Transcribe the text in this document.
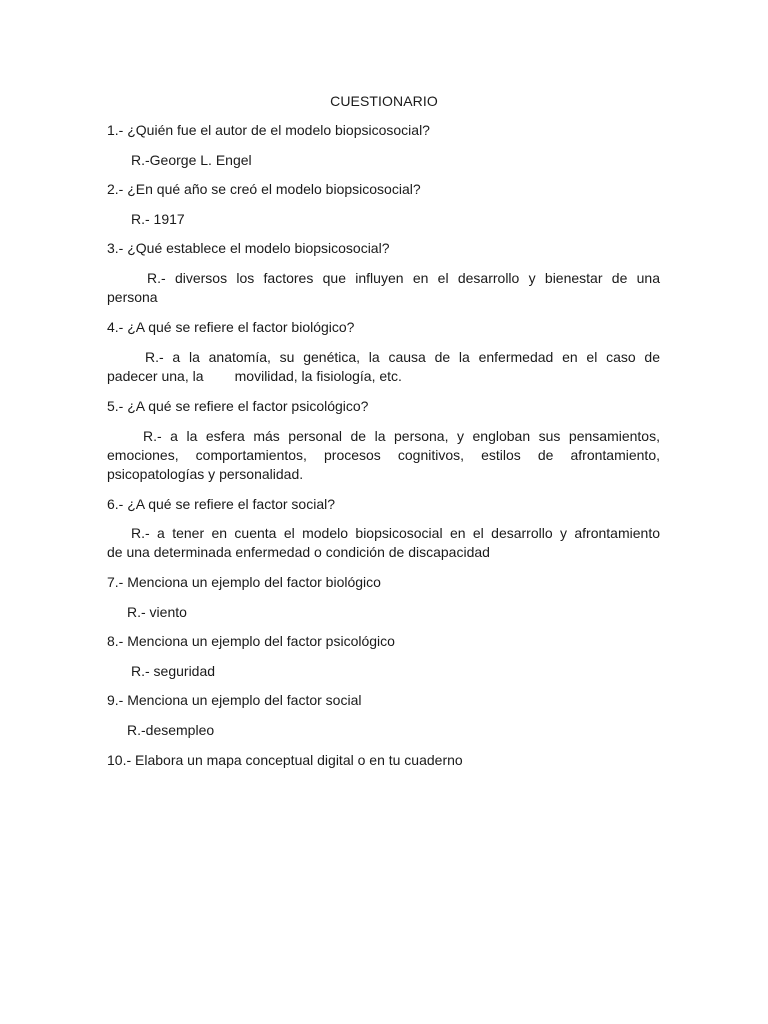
CUESTIONARIO
1.- ¿Quién fue el autor de el modelo biopsicosocial?
R.-George L. Engel
2.- ¿En qué año se creó el modelo biopsicosocial?
R.- 1917
3.- ¿Qué establece el modelo biopsicosocial?
R.- diversos los factores que influyen en el desarrollo y bienestar de una
persona
4.- ¿A qué se refiere el factor biológico?
R.- a la anatomía, su genética, la causa de la enfermedad en el caso de
padecer una, la        movilidad, la fisiología, etc.
5.- ¿A qué se refiere el factor psicológico?
R.- a la esfera más personal de la persona, y engloban sus pensamientos,
emociones, comportamientos, procesos cognitivos, estilos de afrontamiento,
psicopatologías y personalidad.
6.- ¿A qué se refiere el factor social?
R.- a tener en cuenta el modelo biopsicosocial en el desarrollo y afrontamiento
de una determinada enfermedad o condición de discapacidad
7.- Menciona un ejemplo del factor biológico
R.- viento
8.- Menciona un ejemplo del factor psicológico
R.- seguridad
9.- Menciona un ejemplo del factor social
R.-desempleo
10.- Elabora un mapa conceptual digital o en tu cuaderno
